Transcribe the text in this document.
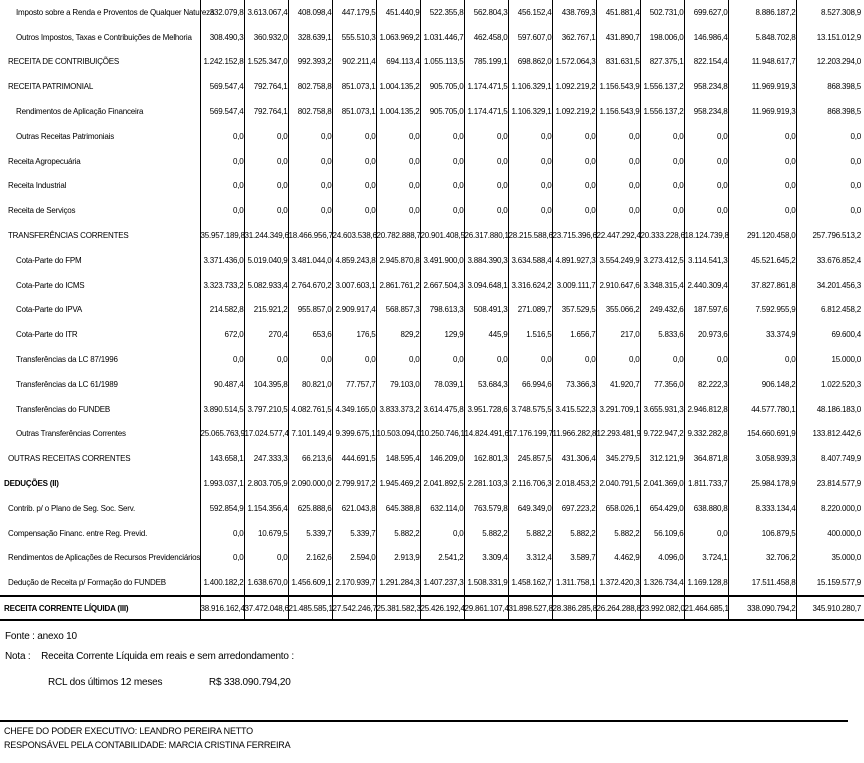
Imposto sobre a Renda e Proventos de Qualquer Natureza	332.079,8	3.613.067,4	408.098,4	447.179,5	451.440,9	522.355,8	562.804,3	456.152,4	438.769,3	451.881,4	502.731,0	699.627,0	8.886.187,2	8.527.308,9
Outros Impostos, Taxas e Contribuições de Melhoria	308.490,3	360.932,0	328.639,1	555.510,3	1.063.969,2	1.031.446,7	462.458,0	597.607,0	362.767,1	431.890,7	198.006,0	146.986,4	5.848.702,8	13.151.012,9
RECEITA DE CONTRIBUIÇÕES	1.242.152,8	1.525.347,0	992.393,2	902.211,4	694.113,4	1.055.113,5	785.199,1	698.862,0	1.572.064,3	831.631,5	827.375,1	822.154,4	11.948.617,7	12.203.294,0
RECEITA PATRIMONIAL	569.547,4	792.764,1	802.758,8	851.073,1	1.004.135,2	905.705,0	1.174.471,5	1.106.329,1	1.092.219,2	1.156.543,9	1.556.137,2	958.234,8	11.969.919,3	868.398,5
Rendimentos de Aplicação Financeira	569.547,4	792.764,1	802.758,8	851.073,1	1.004.135,2	905.705,0	1.174.471,5	1.106.329,1	1.092.219,2	1.156.543,9	1.556.137,2	958.234,8	11.969.919,3	868.398,5
Outras Receitas Patrimoniais	0,0	0,0	0,0	0,0	0,0	0,0	0,0	0,0	0,0	0,0	0,0	0,0	0,0	0,0
Receita Agropecuária	0,0	0,0	0,0	0,0	0,0	0,0	0,0	0,0	0,0	0,0	0,0	0,0	0,0	0,0
Receita Industrial	0,0	0,0	0,0	0,0	0,0	0,0	0,0	0,0	0,0	0,0	0,0	0,0	0,0	0,0
Receita de Serviços	0,0	0,0	0,0	0,0	0,0	0,0	0,0	0,0	0,0	0,0	0,0	0,0	0,0	0,0
TRANSFERÊNCIAS CORRENTES	35.957.189,8	31.244.349,6	18.466.956,7	24.603.538,6	20.782.888,7	20.901.408,5	26.317.880,1	28.215.588,6	23.715.396,6	22.447.292,4	20.333.228,6	18.124.739,8	291.120.458,0	257.796.513,2
Cota-Parte do FPM	3.371.436,0	5.019.040,9	3.481.044,0	4.859.243,8	2.945.870,8	3.491.900,0	3.884.390,3	3.634.588,4	4.891.927,3	3.554.249,9	3.273.412,5	3.114.541,3	45.521.645,2	33.676.852,4
Cota-Parte do ICMS	3.323.733,2	5.082.933,4	2.764.670,2	3.007.603,1	2.861.761,2	2.667.504,3	3.094.648,1	3.316.624,2	3.009.111,7	2.910.647,6	3.348.315,4	2.440.309,4	37.827.861,8	34.201.456,3
Cota-Parte do IPVA	214.582,8	215.921,2	955.857,0	2.909.917,4	568.857,3	798.613,3	508.491,3	271.089,7	357.529,5	355.066,2	249.432,6	187.597,6	7.592.955,9	6.812.458,2
Cota-Parte do ITR	672,0	270,4	653,6	176,5	829,2	129,9	445,9	1.516,5	1.656,7	217,0	5.833,6	20.973,6	33.374,9	69.600,4
Transferências da LC 87/1996	0,0	0,0	0,0	0,0	0,0	0,0	0,0	0,0	0,0	0,0	0,0	0,0	0,0	15.000,0
Transferências da LC 61/1989	90.487,4	104.395,8	80.821,0	77.757,7	79.103,0	78.039,1	53.684,3	66.994,6	73.366,3	41.920,7	77.356,0	82.222,3	906.148,2	1.022.520,3
Transferências do FUNDEB	3.890.514,5	3.797.210,5	4.082.761,5	4.349.165,0	3.833.373,2	3.614.475,8	3.951.728,6	3.748.575,5	3.415.522,3	3.291.709,1	3.655.931,3	2.946.812,8	44.577.780,1	48.186.183,0
Outras Transferências Correntes	25.065.763,9	17.024.577,4	7.101.149,4	9.399.675,1	10.503.094,0	10.250.746,1	14.824.491,6	17.176.199,7	11.966.282,8	12.293.481,9	9.722.947,2	9.332.282,8	154.660.691,9	133.812.442,6
OUTRAS RECEITAS CORRENTES	143.658,1	247.333,3	66.213,6	444.691,5	148.595,4	146.209,0	162.801,3	245.857,5	431.306,4	345.279,5	312.121,9	364.871,8	3.058.939,3	8.407.749,9
DEDUÇÕES (II)	1.993.037,1	2.803.705,9	2.090.000,0	2.799.917,2	1.945.469,2	2.041.892,5	2.281.103,3	2.116.706,3	2.018.453,2	2.040.791,5	2.041.369,0	1.811.733,7	25.984.178,9	23.814.577,9
Contrib. p/ o Plano de Seg. Soc. Serv.	592.854,9	1.154.356,4	625.888,6	621.043,8	645.388,8	632.114,0	763.579,8	649.349,0	697.223,2	658.026,1	654.429,0	638.880,8	8.333.134,4	8.220.000,0
Compensação Financ. entre Reg. Previd.	0,0	10.679,5	5.339,7	5.339,7	5.882,2	0,0	5.882,2	5.882,2	5.882,2	5.882,2	56.109,6	0,0	106.879,5	400.000,0
Rendimentos de Aplicações de Recursos Previdenciários	0,0	0,0	2.162,6	2.594,0	2.913,9	2.541,2	3.309,4	3.312,4	3.589,7	4.462,9	4.096,0	3.724,1	32.706,2	35.000,0
Dedução de Receita p/ Formação do FUNDEB	1.400.182,2	1.638.670,0	1.456.609,1	2.170.939,7	1.291.284,3	1.407.237,3	1.508.331,9	1.458.162,7	1.311.758,1	1.372.420,3	1.326.734,4	1.169.128,8	17.511.458,8	15.159.577,9
RECEITA CORRENTE LÍQUIDA (III)	38.916.162,4	37.472.048,6	21.485.585,1	27.542.246,7	25.381.582,3	25.426.192,4	29.861.107,4	31.898.527,8	28.386.285,8	26.264.288,8	23.992.082,0	21.464.685,1	338.090.794,2	345.910.280,7
Fonte : anexo 10
Nota : Receita Corrente Líquida em reais e sem arredondamento :
RCL dos últimos 12 meses	R$ 338.090.794,20
CHEFE DO PODER EXECUTIVO: LEANDRO PEREIRA NETTO
RESPONSÁVEL PELA CONTABILIDADE: MARCIA CRISTINA FERREIRA
